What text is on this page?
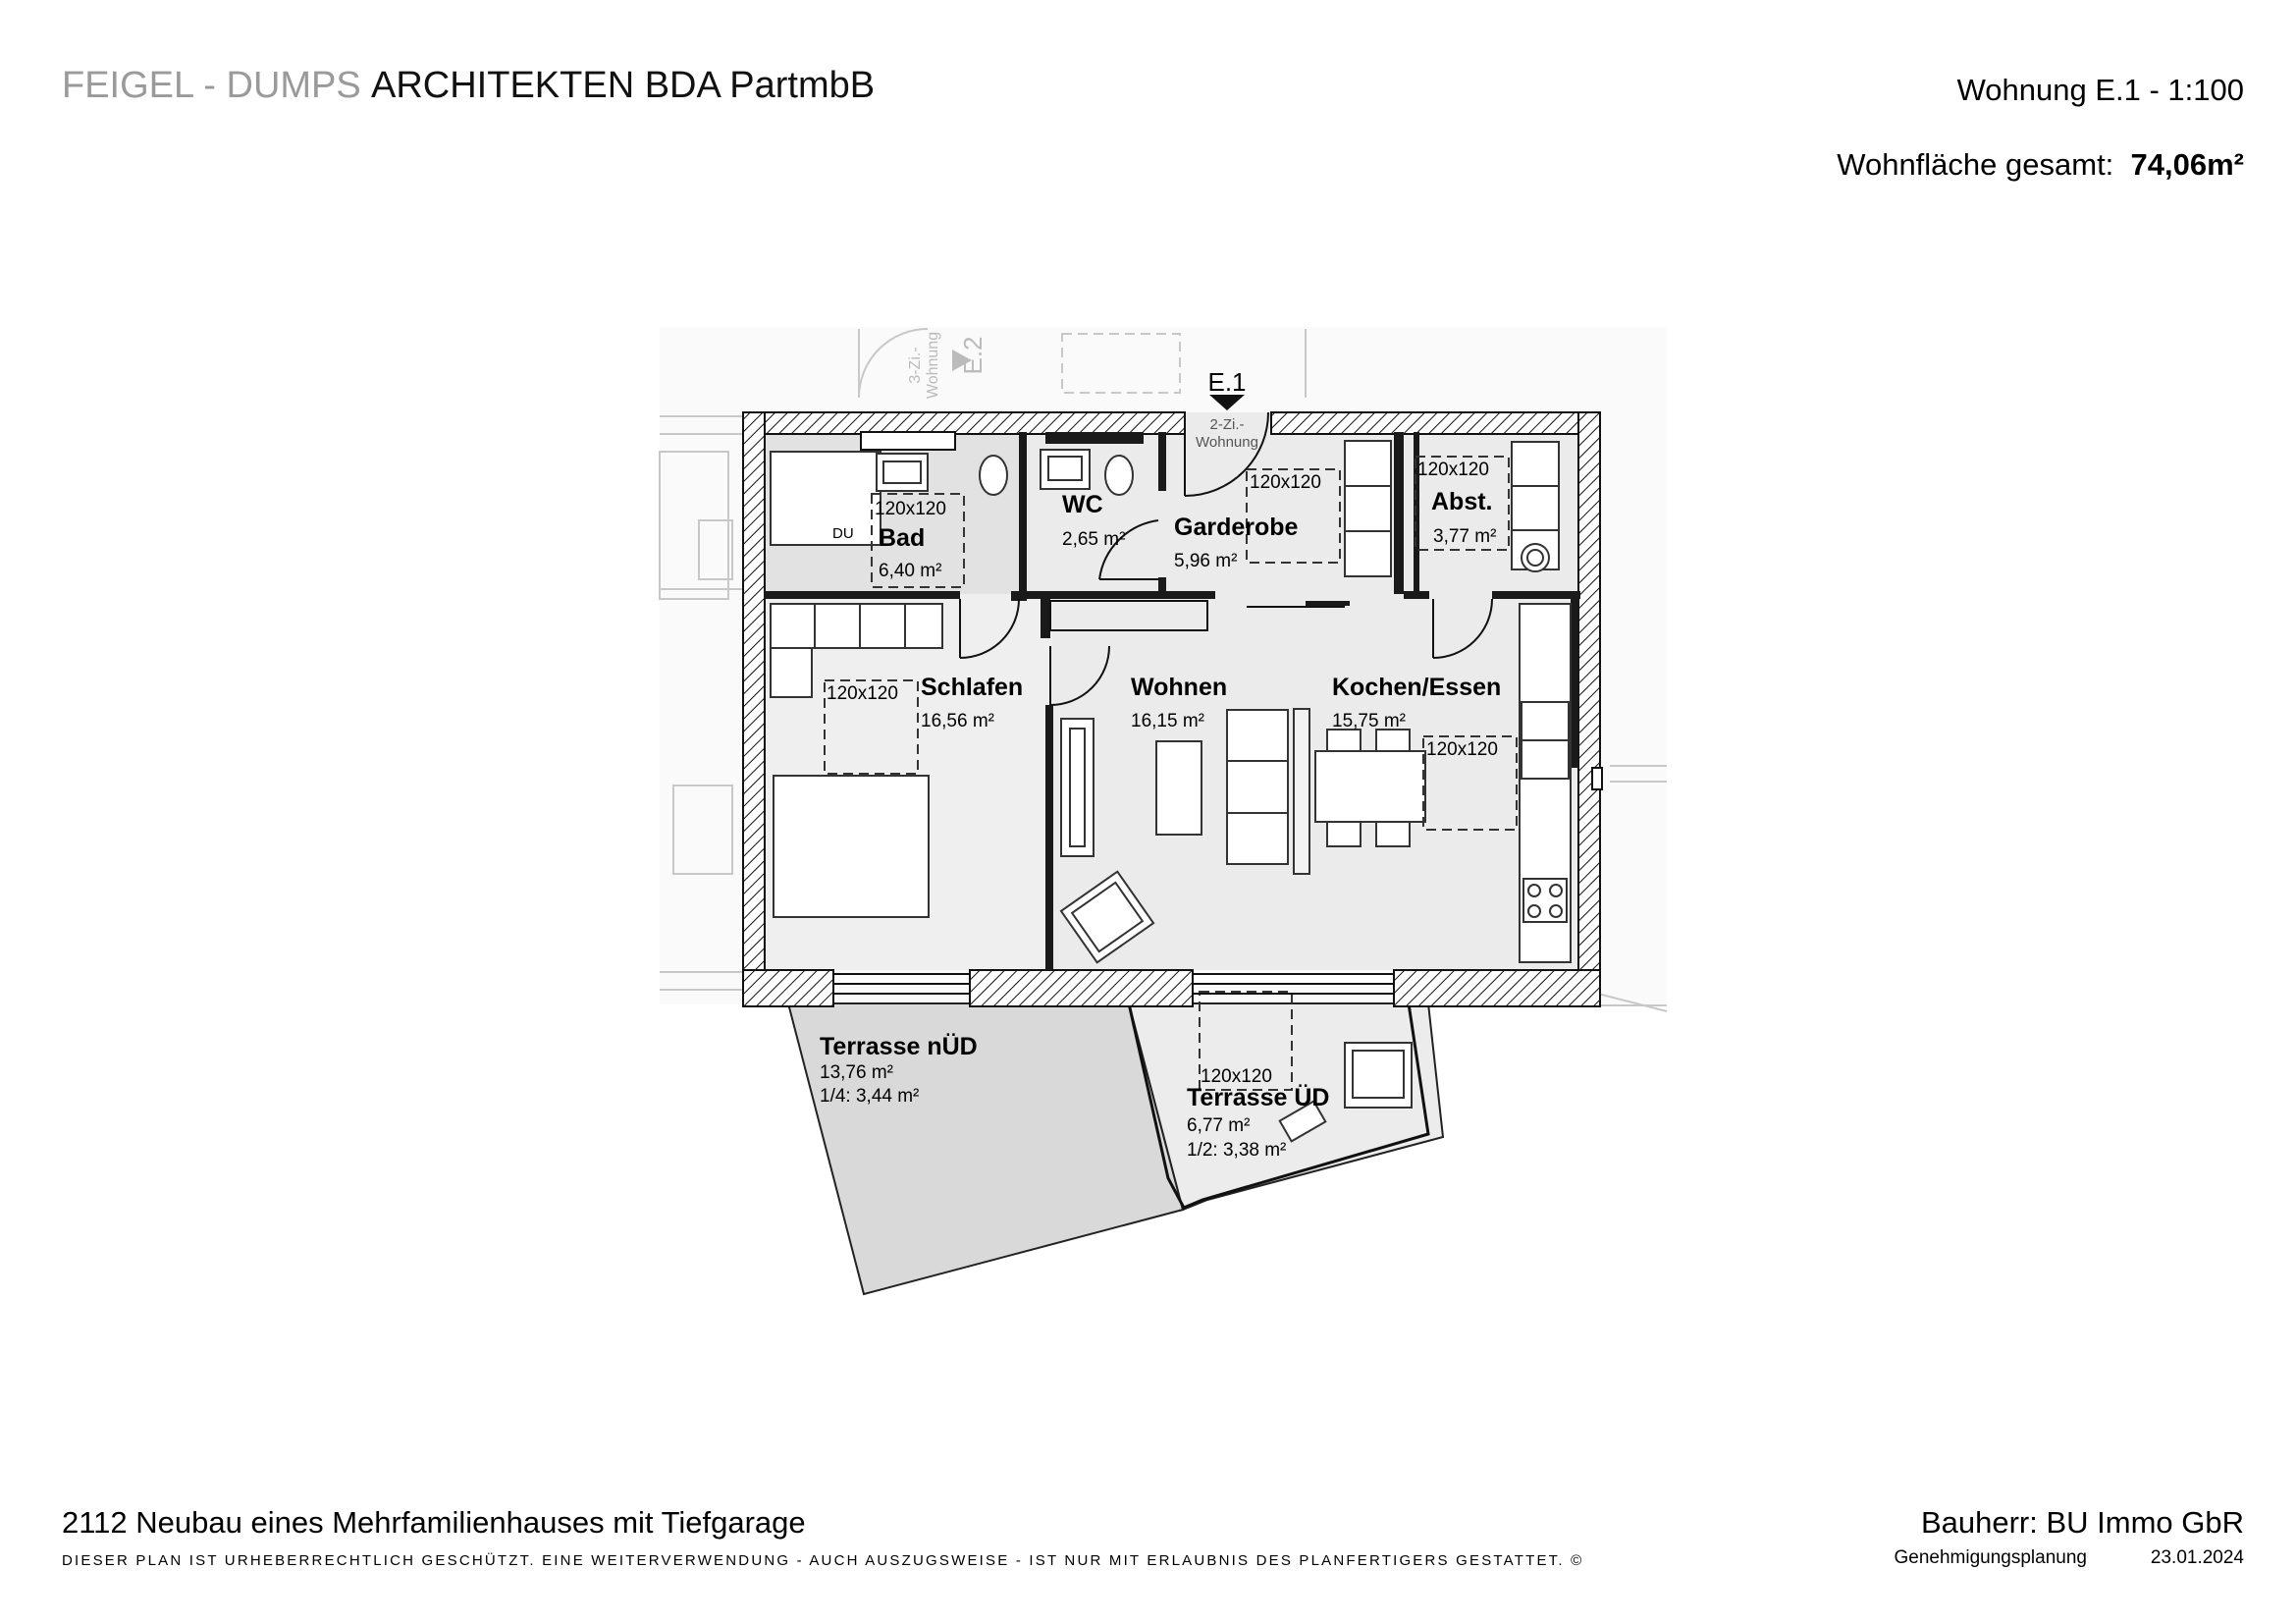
FEIGEL - DUMPS ARCHITEKTEN BDA PartmbB	Wohnung E.1 - 1:100
Wohnfläche gesamt: 74,06m²
E.2
3-Zi.- Wohnung	E.1
2-Zi.-
Wohnung
DU
120x120
120x120
120x120
120x120
120x120
120x120
Bad
6,40 m²
WC
2,65 m² Garderobe
5,96 m²
Abst.
3,77 m²
Schlafen
16,56 m²
Wohnen
16,15 m²
Kochen/Essen
15,75 m²
Terrasse nÜD
13,76 m²
1/4: 3,44 m²	Terrasse ÜD
6,77 m²
1/2: 3,38 m²
2112 Neubau eines Mehrfamilienhauses mit Tiefgarage
DIESER PLAN IST URHEBERRECHTLICH GESCHÜTZT. EINE WEITERVERWENDUNG - AUCH AUSZUGSWEISE - IST NUR MIT ERLAUBNIS DES PLANFERTIGERS GESTATTET. ©
Bauherr: BU Immo GbR
Genehmigungsplanung	23.01.2024
